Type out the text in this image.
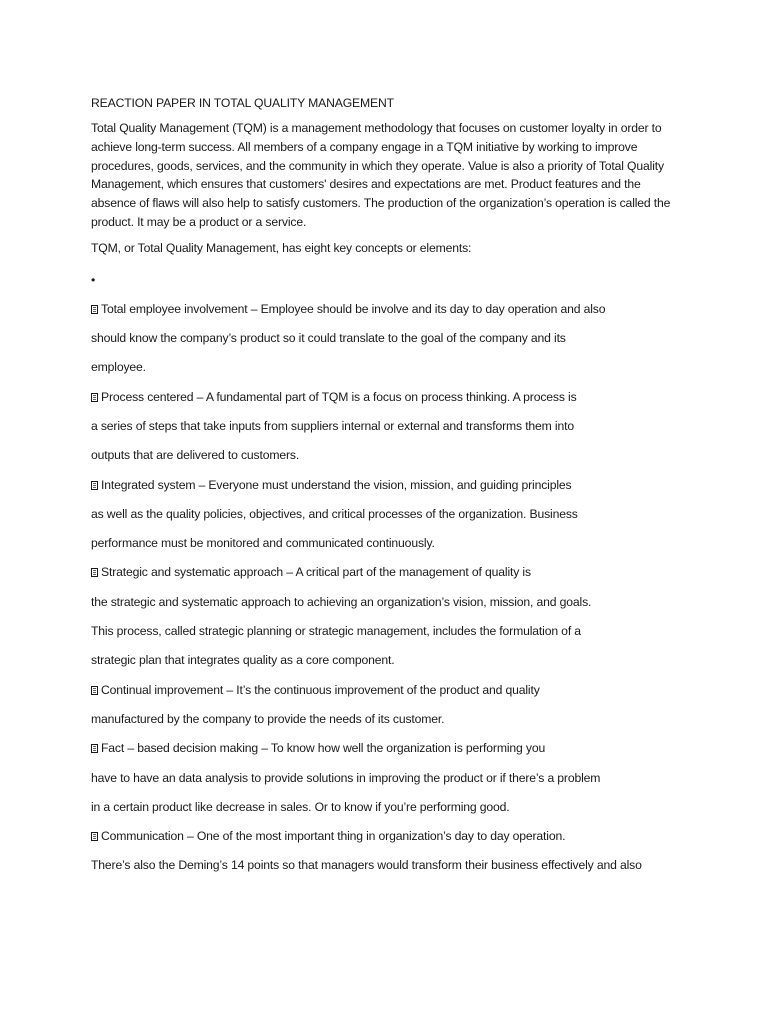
REACTION PAPER IN TOTAL QUALITY MANAGEMENT
Total Quality Management (TQM) is a management methodology that focuses on customer loyalty in order to achieve long-term success. All members of a company engage in a TQM initiative by working to improve procedures, goods, services, and the community in which they operate. Value is also a priority of Total Quality Management, which ensures that customers' desires and expectations are met. Product features and the absence of flaws will also help to satisfy customers. The production of the organization’s operation is called the product. It may be a product or a service.
TQM, or Total Quality Management, has eight key concepts or elements:
•
Total employee involvement – Employee should be involve and its day to day operation and also
should know the company’s product so it could translate to the goal of the company and its
employee.
Process centered – A fundamental part of TQM is a focus on process thinking. A process is
a series of steps that take inputs from suppliers internal or external and transforms them into
outputs that are delivered to customers.
Integrated system – Everyone must understand the vision, mission, and guiding principles
as well as the quality policies, objectives, and critical processes of the organization. Business
performance must be monitored and communicated continuously.
Strategic and systematic approach – A critical part of the management of quality is
the strategic and systematic approach to achieving an organization’s vision, mission, and goals.
This process, called strategic planning or strategic management, includes the formulation of a
strategic plan that integrates quality as a core component.
Continual improvement – It’s the continuous improvement of the product and quality
manufactured by the company to provide the needs of its customer.
Fact – based decision making – To know how well the organization is performing you
have to have an data analysis to provide solutions in improving the product or if there’s a problem
in a certain product like decrease in sales. Or to know if you’re performing good.
Communication – One of the most important thing in organization’s day to day operation.
There’s also the Deming’s 14 points so that managers would transform their business effectively and also
